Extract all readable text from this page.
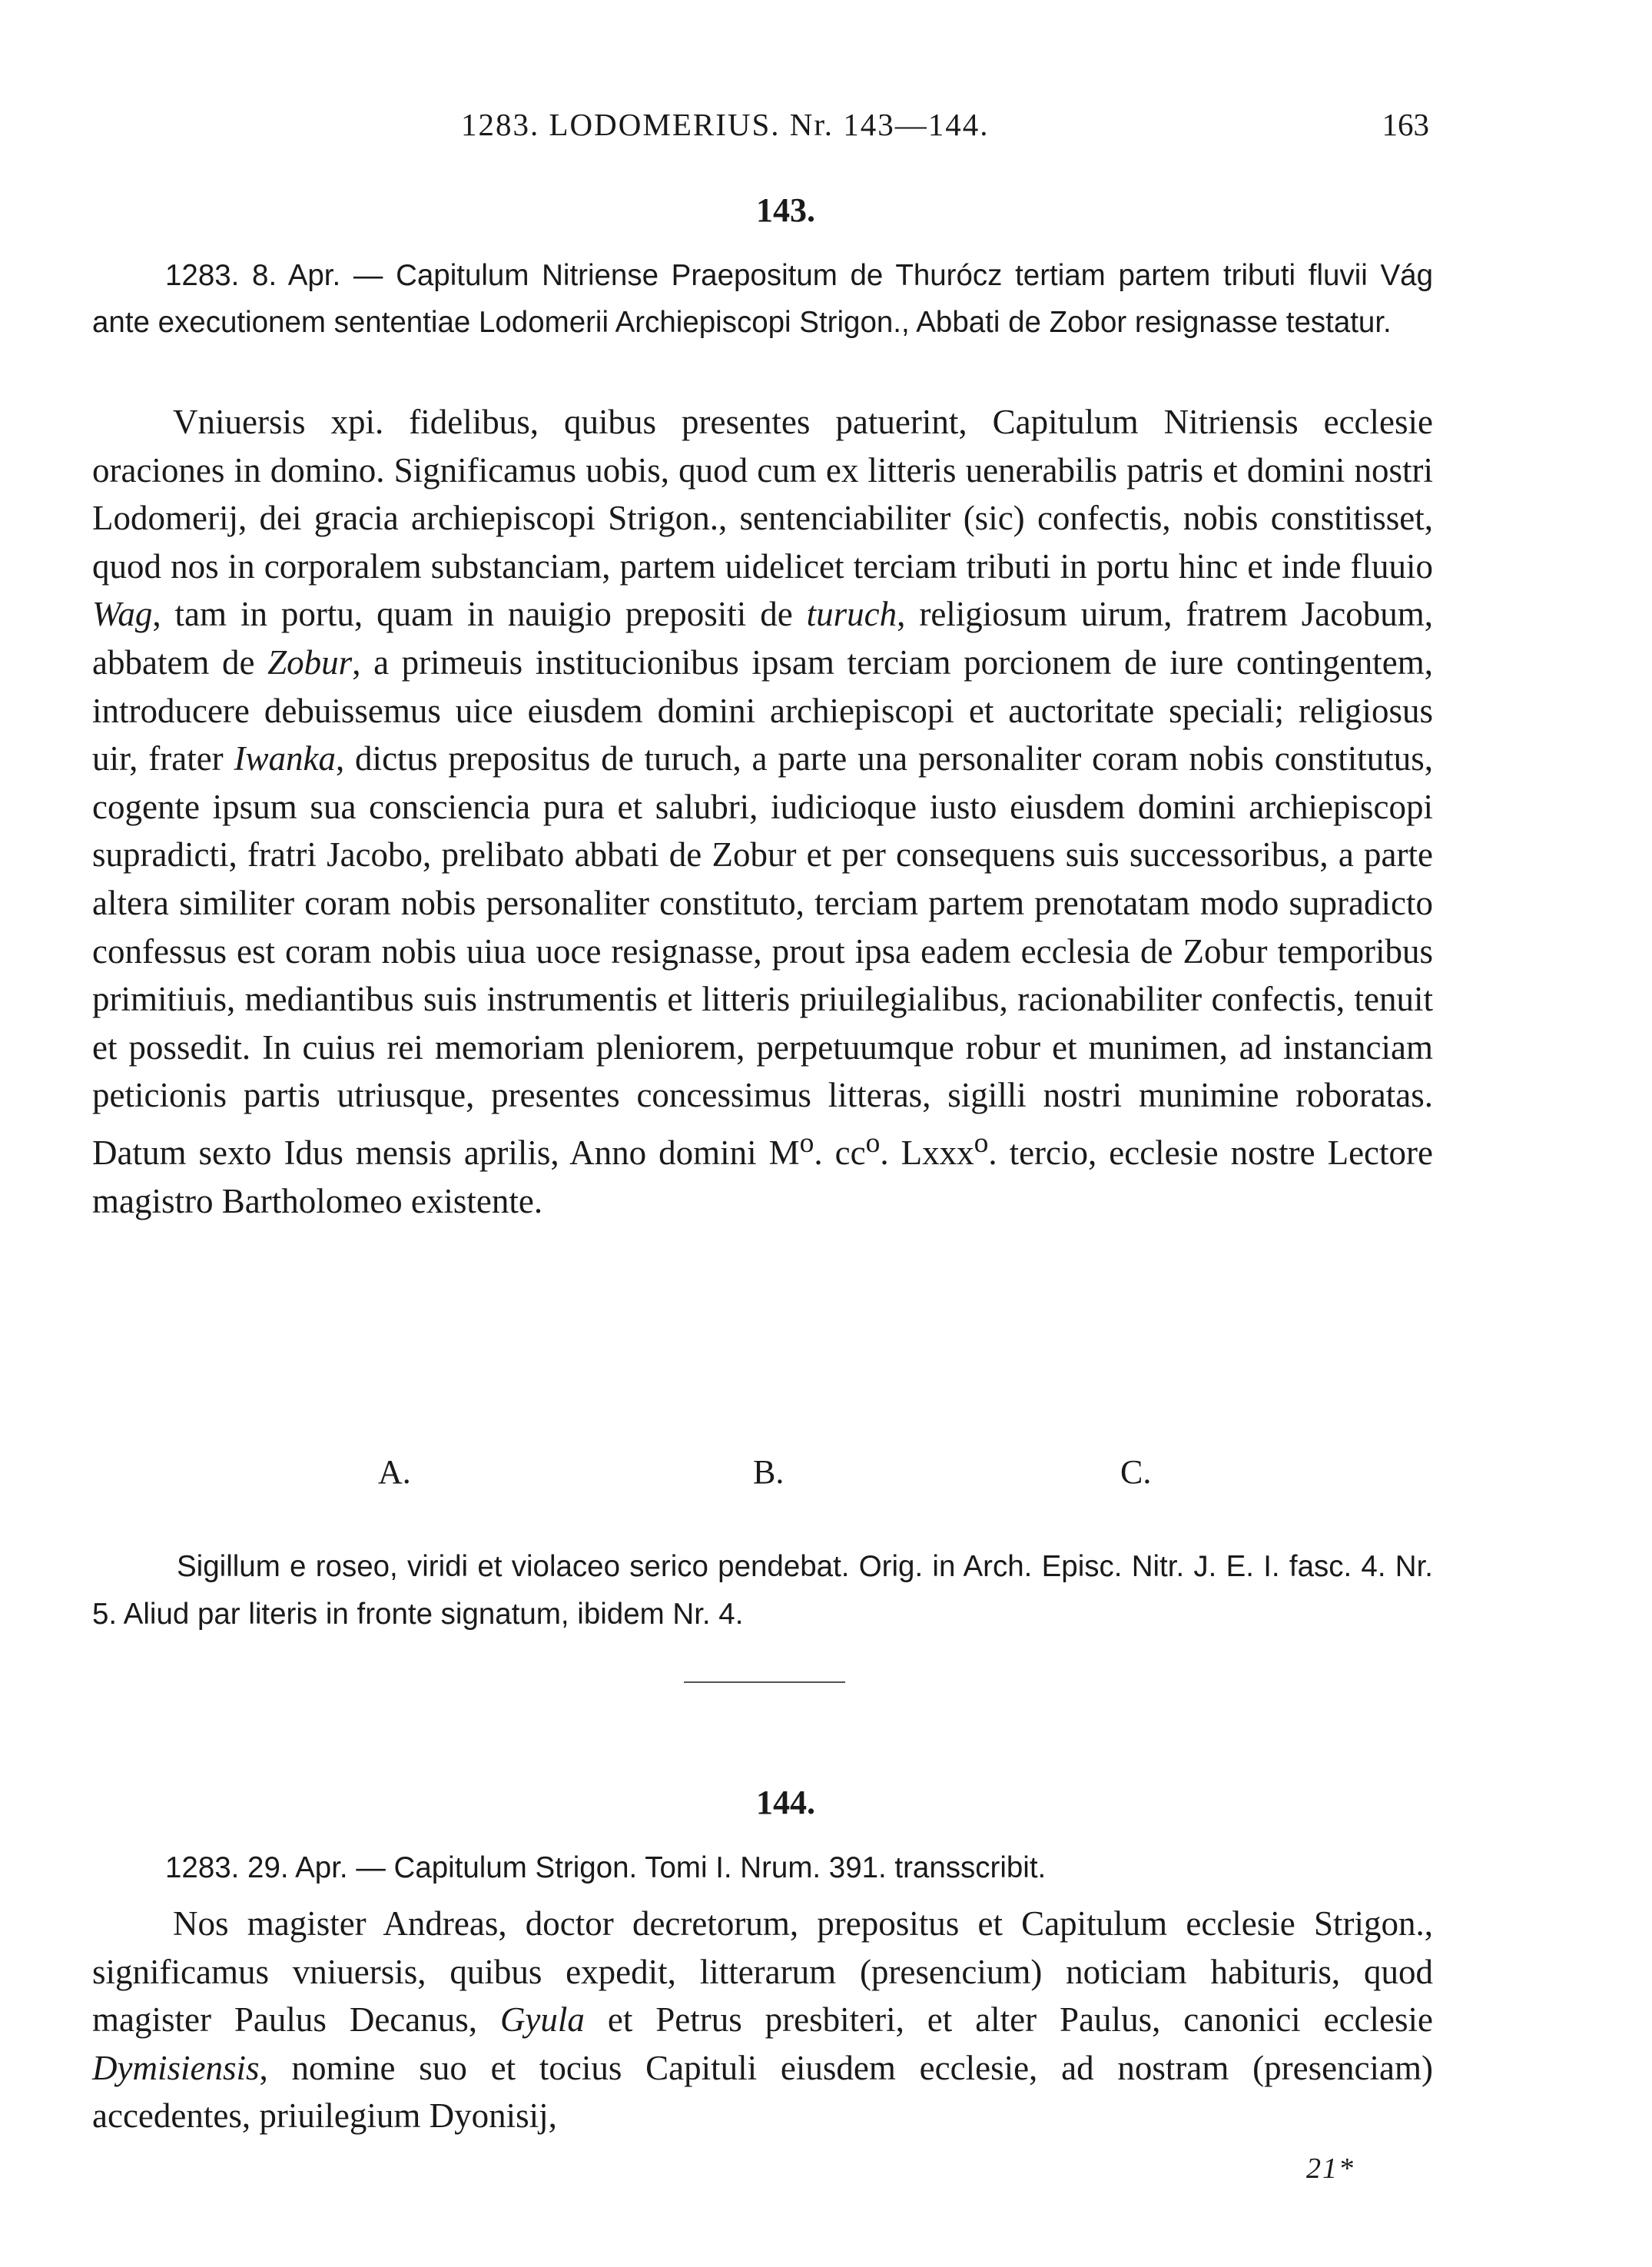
1283. LODOMERIUS. Nr. 143—144.	163
143.

1283. 8. Apr. — Capitulum Nitriense Praepositum de Thurócz tertiam partem tributi fluvii Vág ante executionem sententiae Lodomerii Archiepiscopi Strigon., Abbati de Zobor resignasse testatur.

Vniuersis xpi. fidelibus, quibus presentes patuerint, Capitulum Nitriensis ecclesie oraciones in domino. Significamus uobis, quod cum ex litteris uenerabilis patris et domini nostri Lodomerij, dei gracia archiepiscopi Strigon., sentenciabiliter (sic) confectis, nobis constitisset, quod nos in corporalem substanciam, partem uidelicet terciam tributi in portu hinc et inde fluuio Wag, tam in portu, quam in nauigio prepositi de turuch, religiosum uirum, fratrem Jacobum, abbatem de Zobur, a primeuis institucionibus ipsam terciam porcionem de iure contingentem, introducere debuissemus uice eiusdem domini archiepiscopi et auctoritate speciali; religiosus uir, frater Iwanka, dictus prepositus de turuch, a parte una personaliter coram nobis constitutus, cogente ipsum sua consciencia pura et salubri, iudicioque iusto eiusdem domini archiepiscopi supradicti, fratri Jacobo, prelibato abbati de Zobur et per consequens suis successoribus, a parte altera similiter coram nobis personaliter constituto, terciam partem prenotatam modo supradicto confessus est coram nobis uiua uoce resignasse, prout ipsa eadem ecclesia de Zobur temporibus primitiuis, mediantibus suis instrumentis et litteris priuilegialibus, racionabiliter confectis, tenuit et possedit. In cuius rei memoriam pleniorem, perpetuumque robur et munimen, ad instanciam peticionis partis utriusque, presentes concessimus litteras, sigilli nostri munimine roboratas. Datum sexto Idus mensis aprilis, Anno domini $M^o$. $cc^o$. Lxxx$^o$. tercio, ecclesie nostre Lectore magistro Bartholomeo existente.

A.	B.	C.

Sigillum e roseo, viridi et violaceo serico pendebat. Orig. in Arch. Episc. Nitr. J. E. I. fasc. 4. Nr. 5. Aliud par literis in fronte signatum, ibidem Nr. 4.

144.

1283. 29. Apr. — Capitulum Strigon. Tomi I. Nrum. 391. transscribit.

Nos magister Andreas, doctor decretorum, prepositus et Capitulum ecclesie Strigon., significamus vniuersis, quibus expedit, litterarum (presencium) noticiam habituris, quod magister Paulus Decanus, Gyula et Petrus presbiteri, et alter Paulus, canonici ecclesie Dymisiensis, nomine suo et tocius Capituli eiusdem ecclesie, ad nostram (presenciam) accedentes, priuilegium Dyonisij,

21*
